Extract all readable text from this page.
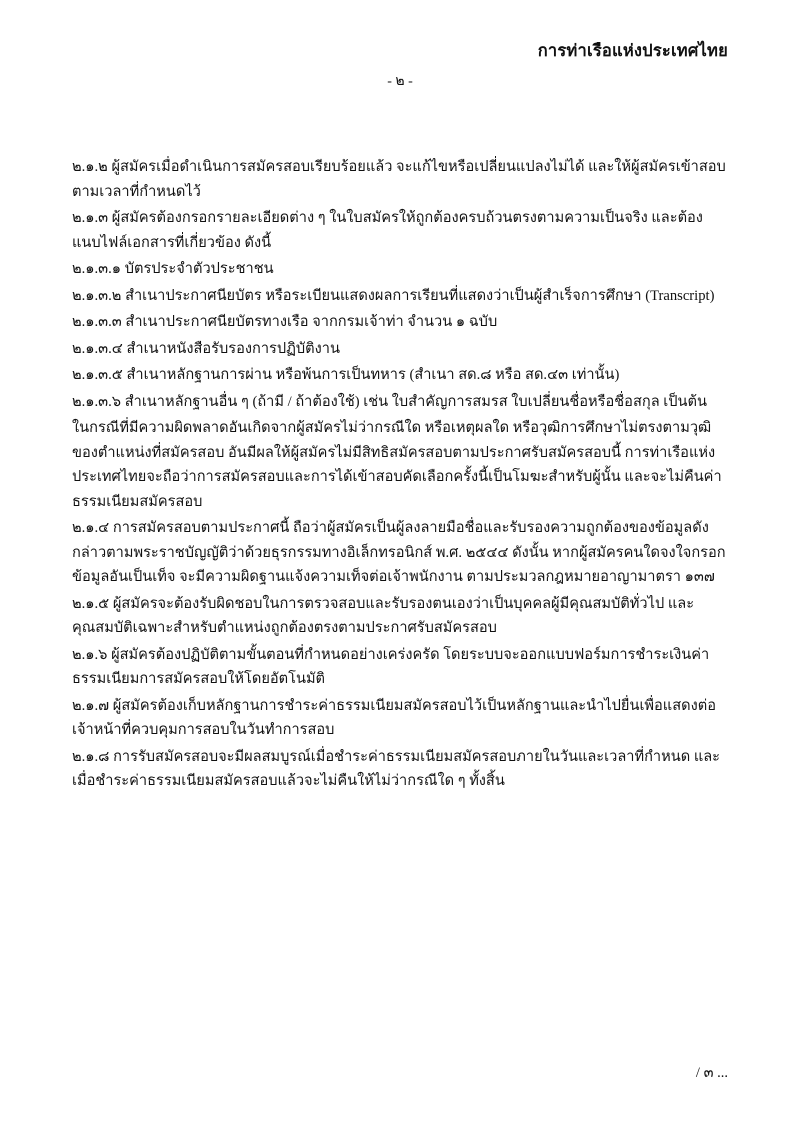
การท่าเรือแห่งประเทศไทย
- ๒ -

๒.๑.๒ ผู้สมัครเมื่อดำเนินการสมัครสอบเรียบร้อยแล้ว จะแก้ไขหรือเปลี่ยนแปลงไม่ได้ และให้ผู้สมัครเข้าสอบตามเวลาที่กำหนดไว้

๒.๑.๓ ผู้สมัครต้องกรอกรายละเอียดต่าง ๆ ในใบสมัครให้ถูกต้องครบถ้วนตรงตามความเป็นจริง และต้องแนบไฟล์เอกสารที่เกี่ยวข้อง ดังนี้

๒.๑.๓.๑ บัตรประจำตัวประชาชน

๒.๑.๓.๒ สำเนาประกาศนียบัตร หรือระเบียนแสดงผลการเรียนที่แสดงว่าเป็นผู้สำเร็จการศึกษา (Transcript)

๒.๑.๓.๓ สำเนาประกาศนียบัตรทางเรือ จากกรมเจ้าท่า จำนวน ๑ ฉบับ

๒.๑.๓.๔ สำเนาหนังสือรับรองการปฏิบัติงาน

๒.๑.๓.๕ สำเนาหลักฐานการผ่าน หรือพ้นการเป็นทหาร (สำเนา สด.๘ หรือ สด.๔๓ เท่านั้น)

๒.๑.๓.๖ สำเนาหลักฐานอื่น ๆ (ถ้ามี / ถ้าต้องใช้) เช่น ใบสำคัญการสมรส ใบเปลี่ยนชื่อหรือชื่อสกุล เป็นต้น

ในกรณีที่มีความผิดพลาดอันเกิดจากผู้สมัครไม่ว่ากรณีใด หรือเหตุผลใด หรือวุฒิการศึกษาไม่ตรงตามวุฒิของตำแหน่งที่สมัครสอบ อันมีผลให้ผู้สมัครไม่มีสิทธิสมัครสอบตามประกาศรับสมัครสอบนี้ การท่าเรือแห่งประเทศไทยจะถือว่าการสมัครสอบและการได้เข้าสอบคัดเลือกครั้งนี้เป็นโมฆะสำหรับผู้นั้น และจะไม่คืนค่าธรรมเนียมสมัครสอบ

๒.๑.๔ การสมัครสอบตามประกาศนี้ ถือว่าผู้สมัครเป็นผู้ลงลายมือชื่อและรับรองความถูกต้องของข้อมูลดังกล่าวตามพระราชบัญญัติว่าด้วยธุรกรรมทางอิเล็กทรอนิกส์ พ.ศ. ๒๕๔๔ ดังนั้น หากผู้สมัครคนใดจงใจกรอกข้อมูลอันเป็นเท็จ จะมีความผิดฐานแจ้งความเท็จต่อเจ้าพนักงาน ตามประมวลกฎหมายอาญามาตรา ๑๓๗

๒.๑.๕ ผู้สมัครจะต้องรับผิดชอบในการตรวจสอบและรับรองตนเองว่าเป็นบุคคลผู้มีคุณสมบัติทั่วไป และคุณสมบัติเฉพาะสำหรับตำแหน่งถูกต้องตรงตามประกาศรับสมัครสอบ

๒.๑.๖ ผู้สมัครต้องปฏิบัติตามขั้นตอนที่กำหนดอย่างเคร่งครัด โดยระบบจะออกแบบฟอร์มการชำระเงินค่าธรรมเนียมการสมัครสอบให้โดยอัตโนมัติ

๒.๑.๗ ผู้สมัครต้องเก็บหลักฐานการชำระค่าธรรมเนียมสมัครสอบไว้เป็นหลักฐานและนำไปยื่นเพื่อแสดงต่อเจ้าหน้าที่ควบคุมการสอบในวันทำการสอบ

๒.๑.๘ การรับสมัครสอบจะมีผลสมบูรณ์เมื่อชำระค่าธรรมเนียมสมัครสอบภายในวันและเวลาที่กำหนด และเมื่อชำระค่าธรรมเนียมสมัครสอบแล้วจะไม่คืนให้ไม่ว่ากรณีใด ๆ ทั้งสิ้น

/ ๓ ...
